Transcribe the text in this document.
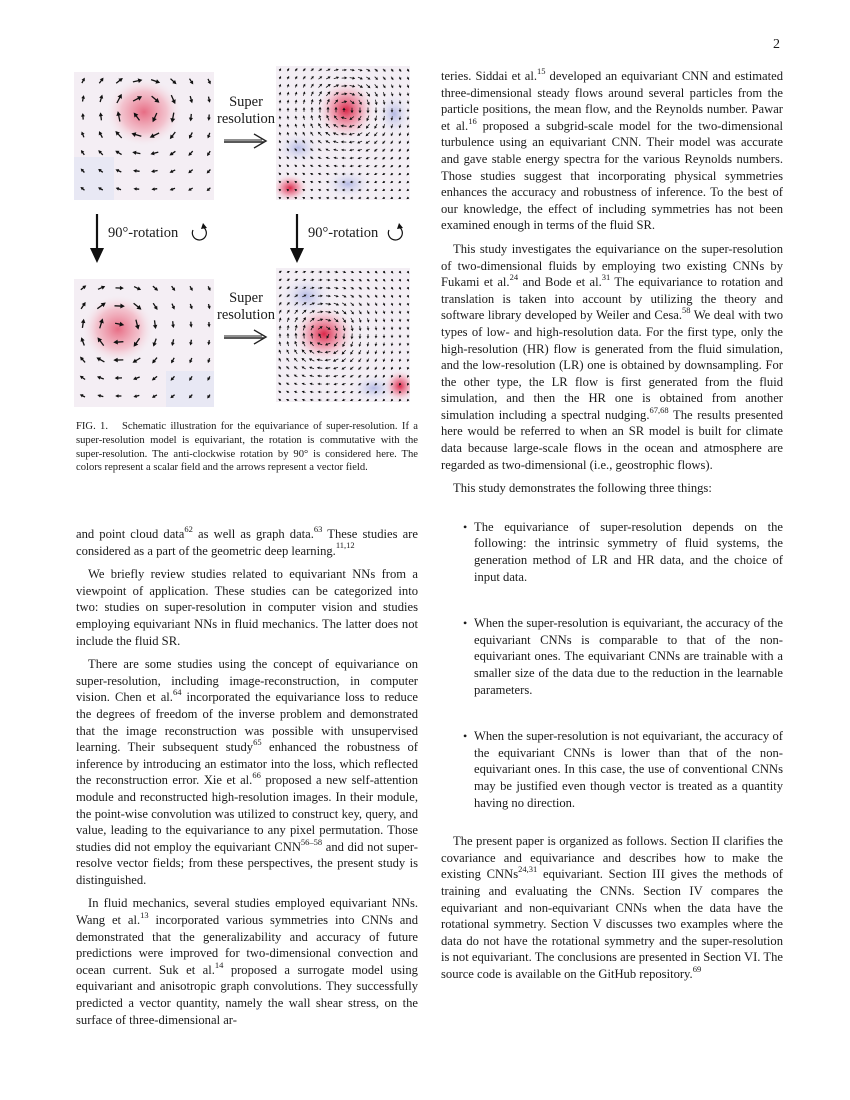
2
Super resolution
90°-rotation	90°-rotation
Super resolution
FIG. 1. Schematic illustration for the equivariance of super-resolution. If a super-resolution model is equivariant, the rotation is commutative with the super-resolution. The anti-clockwise rotation by 90° is considered here. The colors represent a scalar field and the arrows represent a vector field.

and point cloud data$^{62}$ as well as graph data.$^{63}$ These studies are considered as a part of the geometric deep learning.$^{11,12}$

We briefly review studies related to equivariant NNs from a viewpoint of application. These studies can be categorized into two: studies on super-resolution in computer vision and studies employing equivariant NNs in fluid mechanics. The latter does not include the fluid SR.

There are some studies using the concept of equivariance on super-resolution, including image-reconstruction, in computer vision. Chen et al.$^{64}$ incorporated the equivariance loss to reduce the degrees of freedom of the inverse problem and demonstrated that the image reconstruction was possible with unsupervised learning. Their subsequent study$^{65}$ enhanced the robustness of inference by introducing an estimator into the loss, which reflected the reconstruction error. Xie et al.$^{66}$ proposed a new self-attention module and reconstructed high-resolution images. In their module, the point-wise convolution was utilized to construct key, query, and value, leading to the equivariance to any pixel permutation. Those studies did not employ the equivariant CNN$^{56-58}$ and did not super-resolve vector fields; from these perspectives, the present study is distinguished.

In fluid mechanics, several studies employed equivariant NNs. Wang et al.$^{13}$ incorporated various symmetries into CNNs and demonstrated that the generalizability and accuracy of future predictions were improved for two-dimensional convection and ocean current. Suk et al.$^{14}$ proposed a surrogate model using equivariant and anisotropic graph convolutions. They successfully predicted a vector quantity, namely the wall shear stress, on the surface of three-dimensional ar-

teries. Siddai et al.$^{15}$ developed an equivariant CNN and estimated three-dimensional steady flows around several particles from the particle positions, the mean flow, and the Reynolds number. Pawar et al.$^{16}$ proposed a subgrid-scale model for the two-dimensional turbulence using an equivariant CNN. Their model was accurate and gave stable energy spectra for the various Reynolds numbers. Those studies suggest that incorporating physical symmetries enhances the accuracy and robustness of inference. To the best of our knowledge, the effect of including symmetries has not been examined enough in terms of the fluid SR.

This study investigates the equivariance on the super-resolution of two-dimensional fluids by employing two existing CNNs by Fukami et al.$^{24}$ and Bode et al.$^{31}$ The equivariance to rotation and translation is taken into account by utilizing the theory and software library developed by Weiler and Cesa.$^{58}$ We deal with two types of low- and high-resolution data. For the first type, only the high-resolution (HR) flow is generated from the fluid simulation, and the low-resolution (LR) one is obtained by downsampling. For the other type, the LR flow is first generated from the fluid simulation, and then the HR one is obtained from another simulation including a spectral nudging.$^{67,68}$ The results presented here would be referred to when an SR model is built for climate data because large-scale flows in the ocean and atmosphere are regarded as two-dimensional (i.e., geostrophic flows).

This study demonstrates the following three things:

• The equivariance of super-resolution depends on the following: the intrinsic symmetry of fluid systems, the generation method of LR and HR data, and the choice of input data.
• When the super-resolution is equivariant, the accuracy of the equivariant CNNs is comparable to that of the non-equivariant ones. The equivariant CNNs are trainable with a smaller size of the data due to the reduction in the learnable parameters.
• When the super-resolution is not equivariant, the accuracy of the equivariant CNNs is lower than that of the non-equivariant ones. In this case, the use of conventional CNNs may be justified even though vector is treated as a quantity having no direction.

The present paper is organized as follows. Section II clarifies the covariance and equivariance and describes how to make the existing CNNs$^{24,31}$ equivariant. Section III gives the methods of training and evaluating the CNNs. Section IV compares the equivariant and non-equivariant CNNs when the data have the rotational symmetry. Section V discusses two examples where the data do not have the rotational symmetry and the super-resolution is not equivariant. The conclusions are presented in Section VI. The source code is available on the GitHub repository.$^{69}$
